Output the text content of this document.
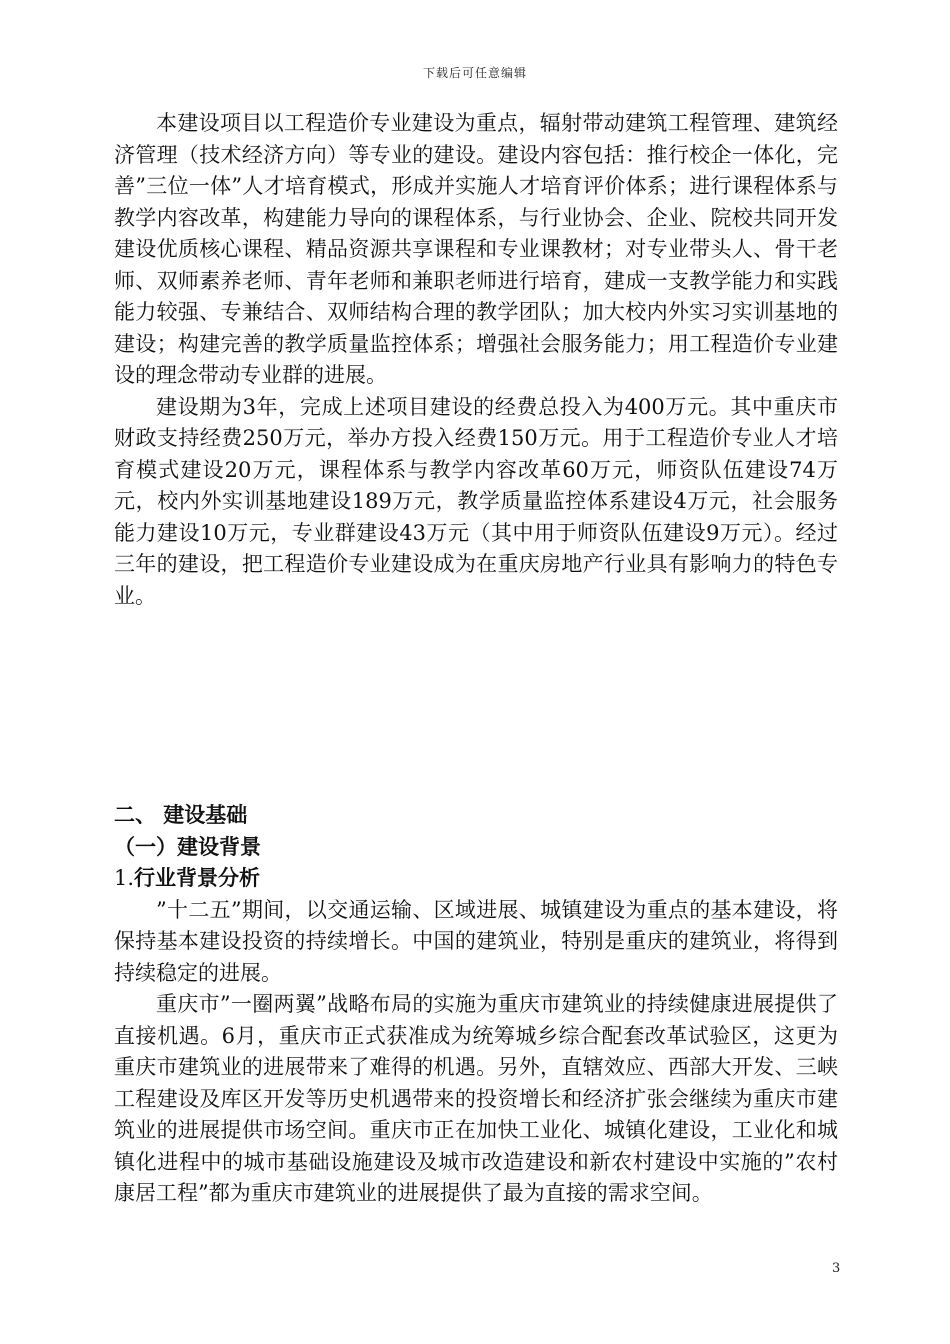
下载后可任意编辑

本建设项目以工程造价专业建设为重点，辐射带动建筑工程管理、建筑经济管理（技术经济方向）等专业的建设。建设内容包括：推行校企一体化，完善”三位一体”人才培育模式，形成并实施人才培育评价体系；进行课程体系与教学内容改革，构建能力导向的课程体系，与行业协会、企业、院校共同开发建设优质核心课程、精品资源共享课程和专业课教材；对专业带头人、骨干老师、双师素养老师、青年老师和兼职老师进行培育，建成一支教学能力和实践能力较强、专兼结合、双师结构合理的教学团队；加大校内外实习实训基地的建设；构建完善的教学质量监控体系；增强社会服务能力；用工程造价专业建设的理念带动专业群的进展。

建设期为3年，完成上述项目建设的经费总投入为400万元。其中重庆市财政支持经费250万元，举办方投入经费150万元。用于工程造价专业人才培育模式建设20万元，课程体系与教学内容改革60万元，师资队伍建设74万元，校内外实训基地建设189万元，教学质量监控体系建设4万元，社会服务能力建设10万元，专业群建设43万元（其中用于师资队伍建设9万元）。经过三年的建设，把工程造价专业建设成为在重庆房地产行业具有影响力的特色专业。

二、 建设基础

（一）建设背景

1.行业背景分析

”十二五”期间，以交通运输、区域进展、城镇建设为重点的基本建设，将保持基本建设投资的持续增长。中国的建筑业，特别是重庆的建筑业，将得到持续稳定的进展。

重庆市”一圈两翼”战略布局的实施为重庆市建筑业的持续健康进展提供了直接机遇。6月，重庆市正式获准成为统筹城乡综合配套改革试验区，这更为重庆市建筑业的进展带来了难得的机遇。另外，直辖效应、西部大开发、三峡工程建设及库区开发等历史机遇带来的投资增长和经济扩张会继续为重庆市建筑业的进展提供市场空间。重庆市正在加快工业化、城镇化建设，工业化和城镇化进程中的城市基础设施建设及城市改造建设和新农村建设中实施的”农村康居工程”都为重庆市建筑业的进展提供了最为直接的需求空间。

3
